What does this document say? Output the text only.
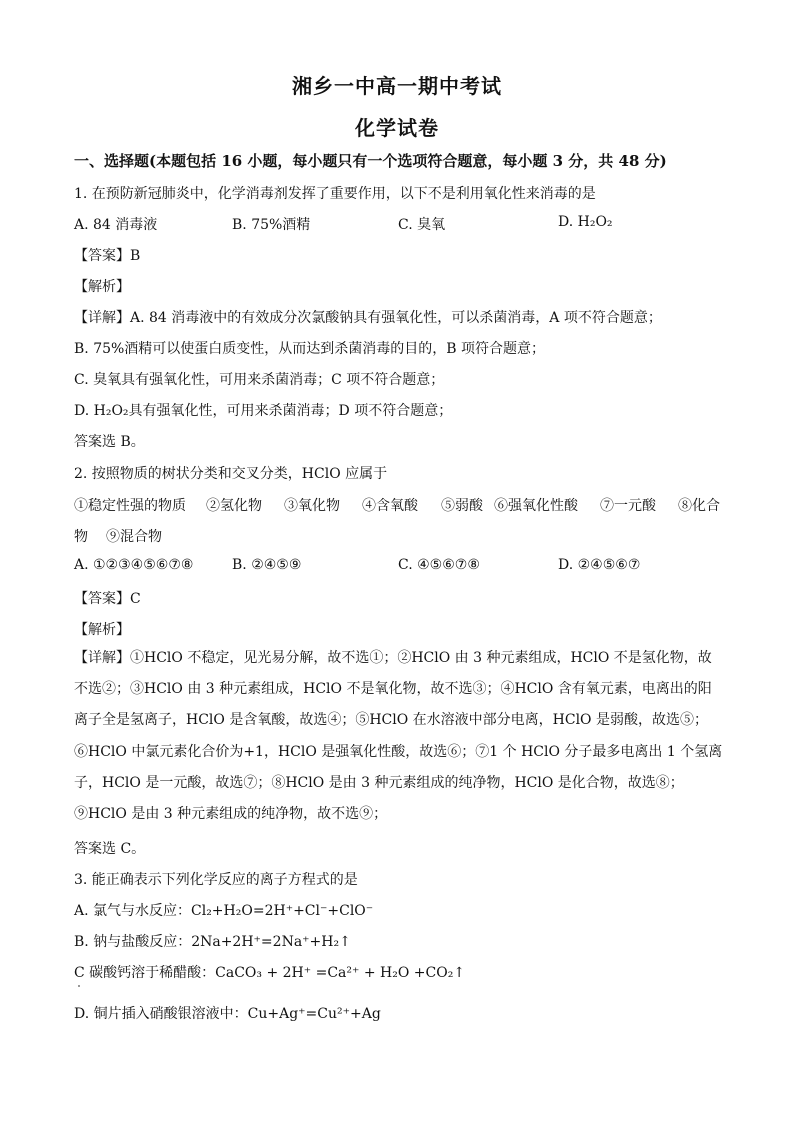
湘乡一中高一期中考试
化学试卷
一、选择题(本题包括 16 小题，每小题只有一个选项符合题意，每小题 3 分，共 48 分)
1. 在预防新冠肺炎中，化学消毒剂发挥了重要作用，以下不是利用氧化性来消毒的是
A. 84 消毒液	B. 75%酒精	C. 臭氧	D. H₂O₂
【答案】B
【解析】
【详解】A. 84 消毒液中的有效成分次氯酸钠具有强氧化性，可以杀菌消毒，A 项不符合题意；
B. 75%酒精可以使蛋白质变性，从而达到杀菌消毒的目的，B 项符合题意；
C. 臭氧具有强氧化性，可用来杀菌消毒；C 项不符合题意；
D. H₂O₂具有强氧化性，可用来杀菌消毒；D 项不符合题意；
答案选 B。
2. 按照物质的树状分类和交叉分类，HClO 应属于
①稳定性强的物质 ②氢化物 ③氧化物 ④含氧酸 ⑤弱酸 ⑥强氧化性酸 ⑦一元酸 ⑧化合
物 ⑨混合物
A. ①②③④⑤⑥⑦⑧	B. ②④⑤⑨	C. ④⑤⑥⑦⑧	D. ②④⑤⑥⑦
【答案】C
【解析】
【详解】①HClO 不稳定，见光易分解，故不选①；②HClO 由 3 种元素组成，HClO 不是氢化物，故不选②；③HClO 由 3 种元素组成，HClO 不是氧化物，故不选③；④HClO 含有氧元素，电离出的阳离子全是氢离子，HClO 是含氧酸，故选④；⑤HClO 在水溶液中部分电离，HClO 是弱酸，故选⑤；⑥HClO 中氯元素化合价为+1，HClO 是强氧化性酸，故选⑥；⑦1 个 HClO 分子最多电离出 1 个氢离子，HClO 是一元酸，故选⑦；⑧HClO 是由 3 种元素组成的纯净物，HClO 是化合物，故选⑧；⑨HClO 是由 3 种元素组成的纯净物，故不选⑨；
答案选 C。
3. 能正确表示下列化学反应的离子方程式的是
A. 氯气与水反应：Cl₂+H₂O=2H⁺+Cl⁻+ClO⁻
B. 钠与盐酸反应：2Na+2H⁺=2Na⁺+H₂↑
C 碳酸钙溶于稀醋酸：CaCO₃ + 2H⁺ =Ca²⁺ + H₂O +CO₂↑
D. 铜片插入硝酸银溶液中：Cu+Ag⁺=Cu²⁺+Ag
